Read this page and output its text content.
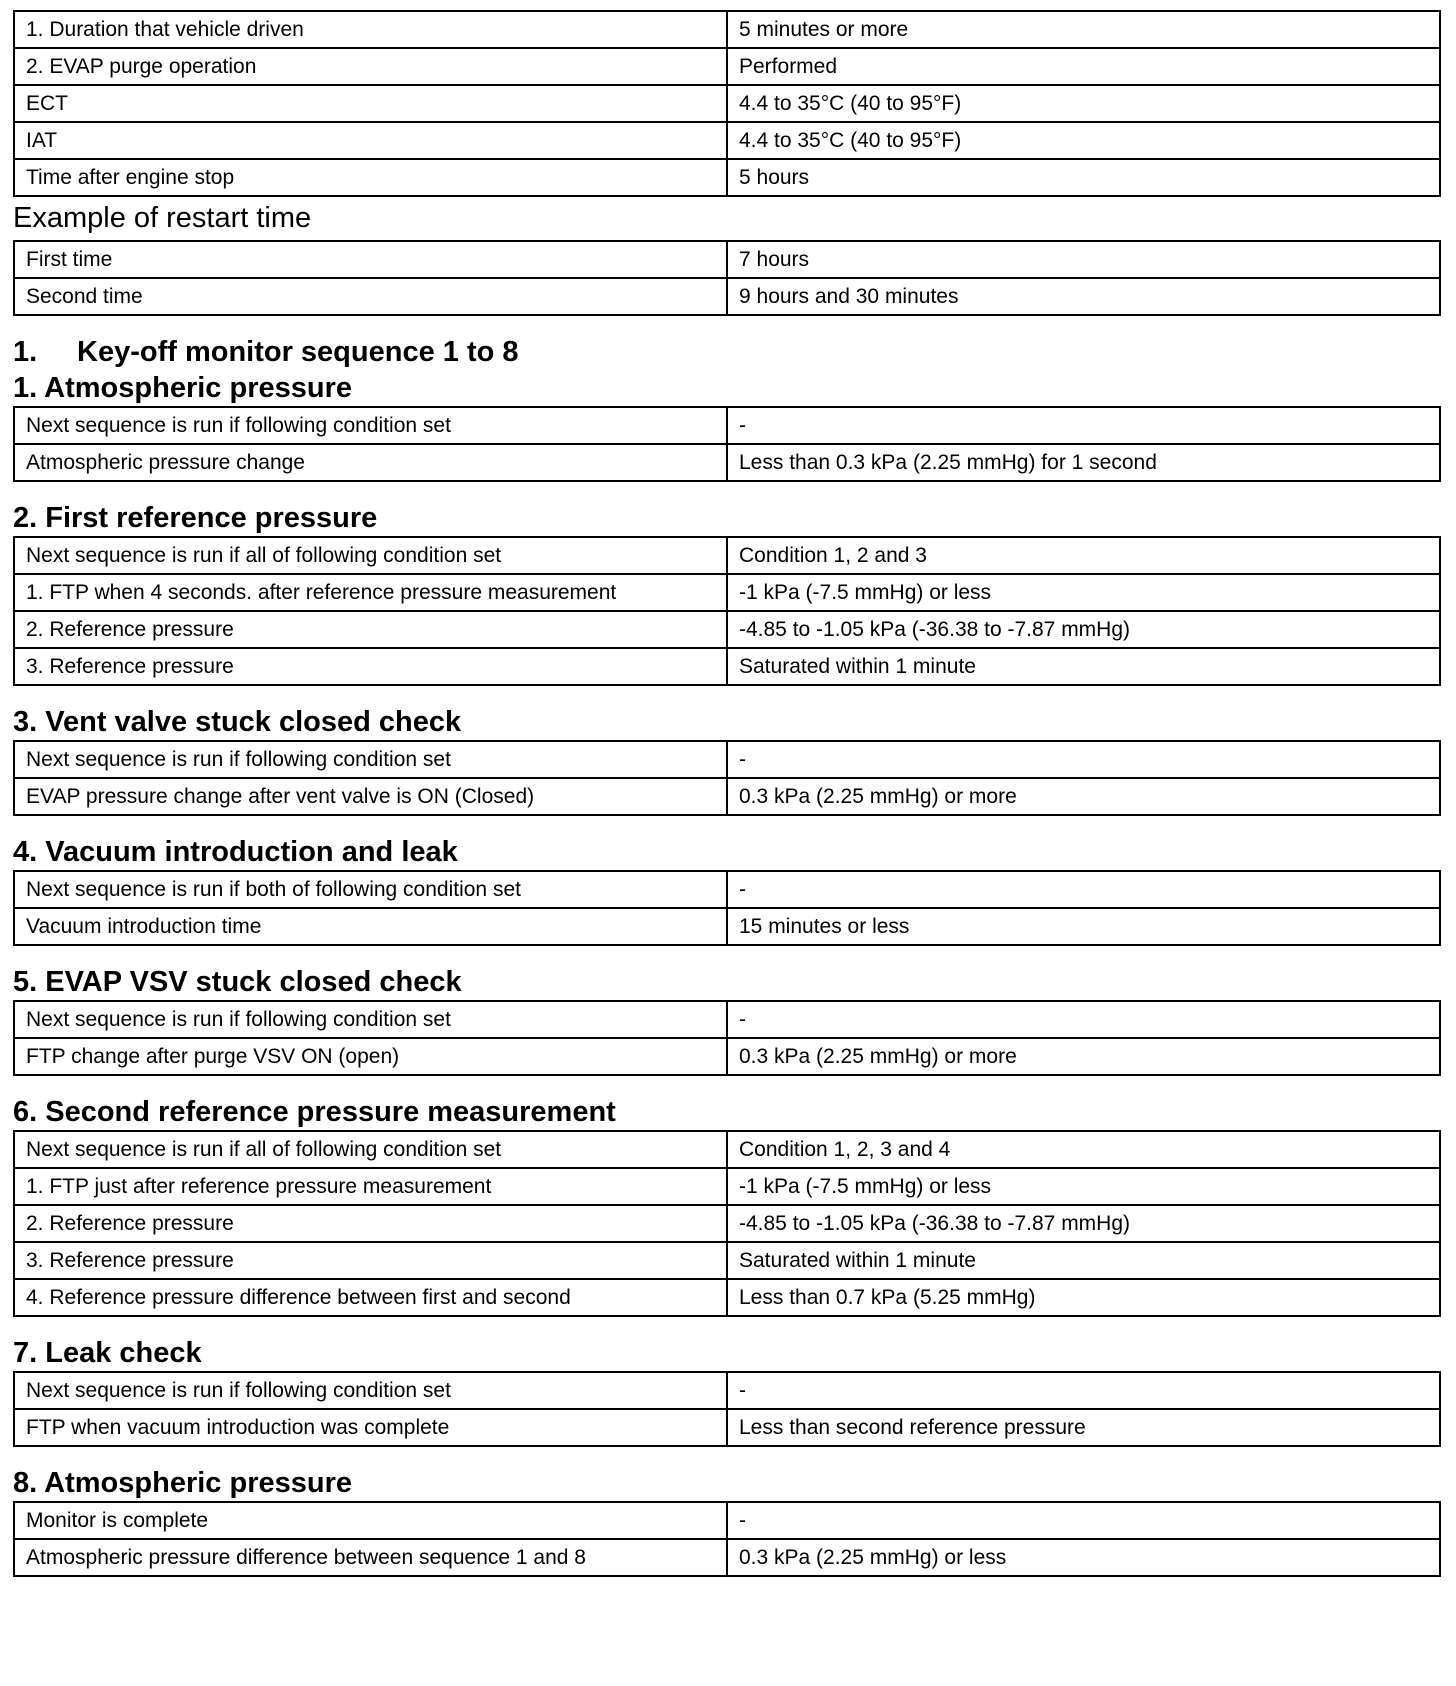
1. Duration that vehicle driven	5 minutes or more
2. EVAP purge operation	Performed
ECT	4.4 to 35°C (40 to 95°F)
IAT	4.4 to 35°C (40 to 95°F)
Time after engine stop	5 hours
Example of restart time
First time	7 hours
Second time	9 hours and 30 minutes
1. Key-off monitor sequence 1 to 8
1. Atmospheric pressure
Next sequence is run if following condition set	-
Atmospheric pressure change	Less than 0.3 kPa (2.25 mmHg) for 1 second
2. First reference pressure
Next sequence is run if all of following condition set	Condition 1, 2 and 3
1. FTP when 4 seconds. after reference pressure measurement	-1 kPa (-7.5 mmHg) or less
2. Reference pressure	-4.85 to -1.05 kPa (-36.38 to -7.87 mmHg)
3. Reference pressure	Saturated within 1 minute
3. Vent valve stuck closed check
Next sequence is run if following condition set	-
EVAP pressure change after vent valve is ON (Closed)	0.3 kPa (2.25 mmHg) or more
4. Vacuum introduction and leak
Next sequence is run if both of following condition set	-
Vacuum introduction time	15 minutes or less
5. EVAP VSV stuck closed check
Next sequence is run if following condition set	-
FTP change after purge VSV ON (open)	0.3 kPa (2.25 mmHg) or more
6. Second reference pressure measurement
Next sequence is run if all of following condition set	Condition 1, 2, 3 and 4
1. FTP just after reference pressure measurement	-1 kPa (-7.5 mmHg) or less
2. Reference pressure	-4.85 to -1.05 kPa (-36.38 to -7.87 mmHg)
3. Reference pressure	Saturated within 1 minute
4. Reference pressure difference between first and second	Less than 0.7 kPa (5.25 mmHg)
7. Leak check
Next sequence is run if following condition set	-
FTP when vacuum introduction was complete	Less than second reference pressure
8. Atmospheric pressure
Monitor is complete	-
Atmospheric pressure difference between sequence 1 and 8	0.3 kPa (2.25 mmHg) or less
